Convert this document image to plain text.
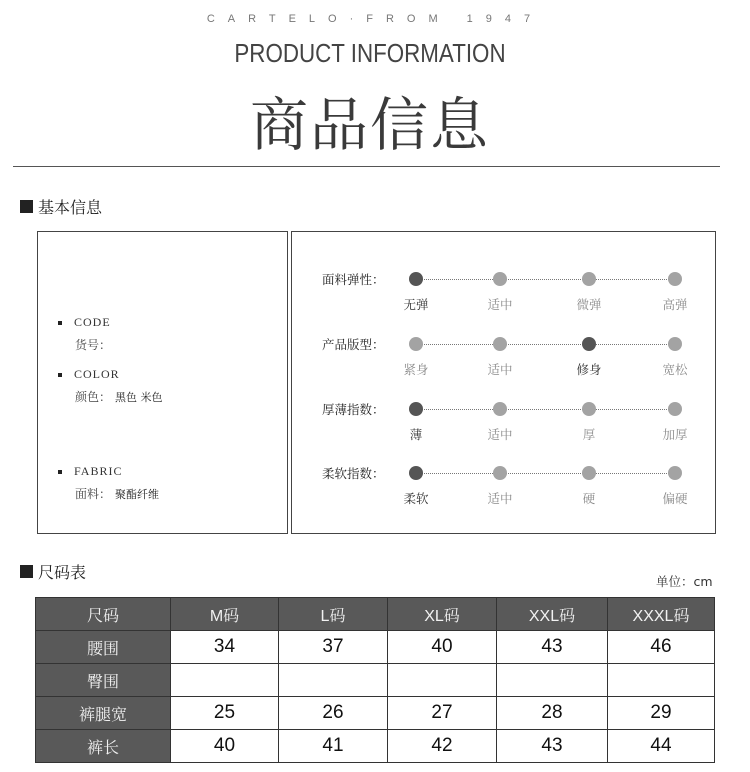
CARTELO·FROM 1947
PRODUCT INFORMATION
商品信息
基本信息
CODE
货号：
COLOR
颜色： 黑色 米色
FABRIC
面料： 聚酯纤维
面料弹性：
无弹	适中	微弹	高弹
产品版型：
紧身	适中	修身	宽松
厚薄指数：
薄	适中	厚	加厚
柔软指数：
柔软	适中	硬	偏硬
尺码表	单位：cm
尺码	M码	L码	XL码	XXL码	XXXL码
腰围	34	37	40	43	46
臀围					
裤腿宽	25	26	27	28	29
裤长	40	41	42	43	44
